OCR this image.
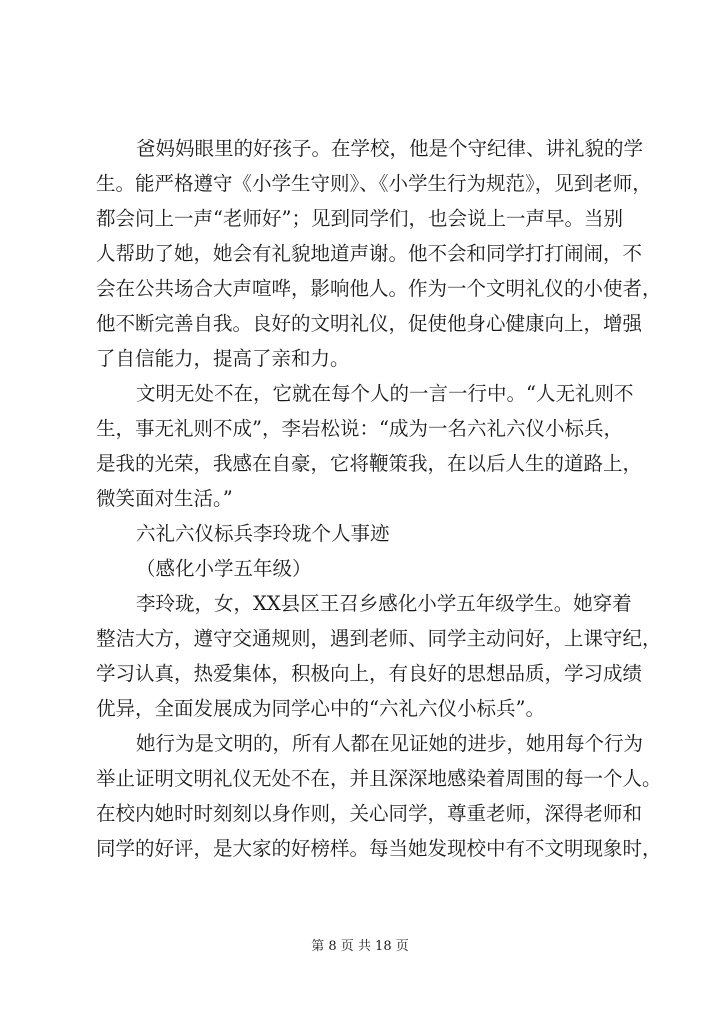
爸妈妈眼里的好孩子。在学校，他是个守纪律、讲礼貌的学
生。能严格遵守《小学生守则》、《小学生行为规范》，见到老师，
都会问上一声“老师好”；见到同学们，也会说上一声早。当别
人帮助了她，她会有礼貌地道声谢。他不会和同学打打闹闹，不
会在公共场合大声喧哗，影响他人。作为一个文明礼仪的小使者，
他不断完善自我。良好的文明礼仪，促使他身心健康向上，增强
了自信能力，提高了亲和力。
文明无处不在，它就在每个人的一言一行中。“人无礼则不
生，事无礼则不成”，李岩松说：“成为一名六礼六仪小标兵，
是我的光荣，我感在自豪，它将鞭策我，在以后人生的道路上，
微笑面对生活。”
六礼六仪标兵李玲珑个人事迹
（感化小学五年级）
李玲珑，女，XX县区王召乡感化小学五年级学生。她穿着
整洁大方，遵守交通规则，遇到老师、同学主动问好，上课守纪，
学习认真，热爱集体，积极向上，有良好的思想品质，学习成绩
优异，全面发展成为同学心中的“六礼六仪小标兵”。
她行为是文明的，所有人都在见证她的进步，她用每个行为
举止证明文明礼仪无处不在，并且深深地感染着周围的每一个人。
在校内她时时刻刻以身作则，关心同学，尊重老师，深得老师和
同学的好评，是大家的好榜样。每当她发现校中有不文明现象时，
第 8 页 共 18 页
